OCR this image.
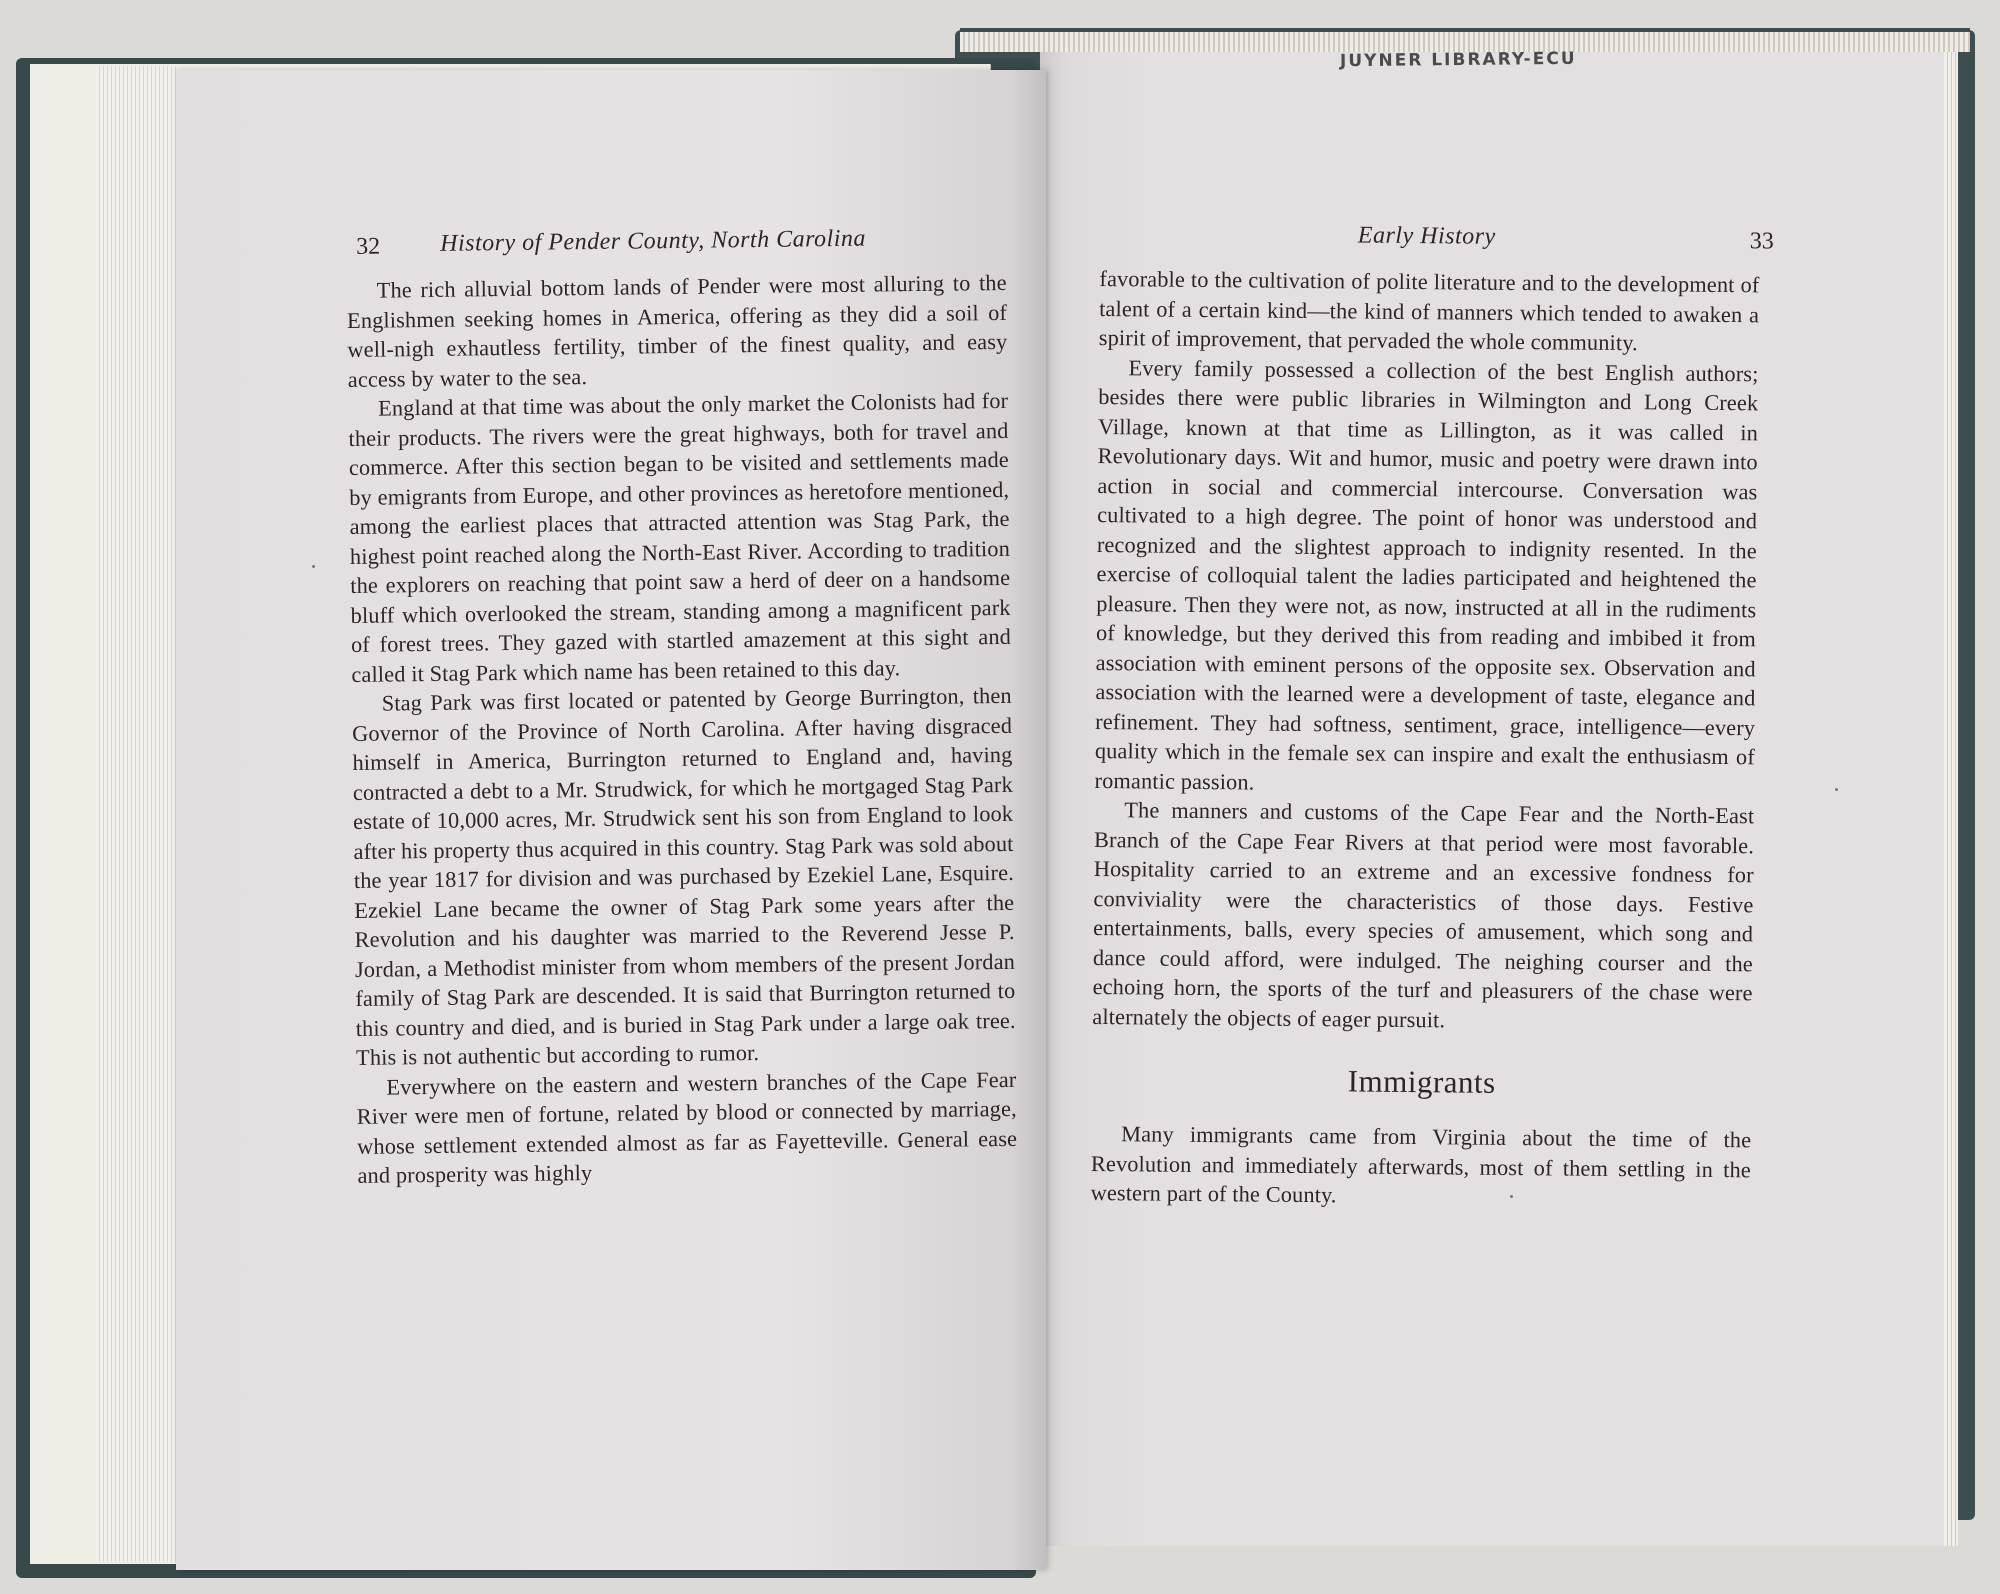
JUYNER LIBRARY-ECU
32 History of Pender County, North Carolina

The rich alluvial bottom lands of Pender were most alluring to the Englishmen seeking homes in America, offering as they did a soil of well-nigh exhautless fertility, timber of the finest quality, and easy access by water to the sea.

England at that time was about the only market the Colonists had for their products. The rivers were the great highways, both for travel and commerce. After this section began to be visited and settlements made by emigrants from Europe, and other provinces as heretofore mentioned, among the earliest places that attracted attention was Stag Park, the highest point reached along the North-East River. According to tradition the explorers on reaching that point saw a herd of deer on a handsome bluff which overlooked the stream, standing among a magnificent park of forest trees. They gazed with startled amazement at this sight and called it Stag Park which name has been retained to this day.

Stag Park was first located or patented by George Burrington, then Governor of the Province of North Carolina. After having disgraced himself in America, Burrington returned to England and, having contracted a debt to a Mr. Strudwick, for which he mortgaged Stag Park estate of 10,000 acres, Mr. Strudwick sent his son from England to look after his property thus acquired in this country. Stag Park was sold about the year 1817 for division and was purchased by Ezekiel Lane, Esquire. Ezekiel Lane became the owner of Stag Park some years after the Revolution and his daughter was married to the Reverend Jesse P. Jordan, a Methodist minister from whom members of the present Jordan family of Stag Park are descended. It is said that Burrington returned to this country and died, and is buried in Stag Park under a large oak tree. This is not authentic but according to rumor.

Everywhere on the eastern and western branches of the Cape Fear River were men of fortune, related by blood or connected by marriage, whose settlement extended almost as far as Fayetteville. General ease and prosperity was highly

Early History	33

favorable to the cultivation of polite literature and to the development of talent of a certain kind—the kind of manners which tended to awaken a spirit of improvement, that pervaded the whole community.

Every family possessed a collection of the best English authors; besides there were public libraries in Wilmington and Long Creek Village, known at that time as Lillington, as it was called in Revolutionary days. Wit and humor, music and poetry were drawn into action in social and commercial intercourse. Conversation was cultivated to a high degree. The point of honor was understood and recognized and the slightest approach to indignity resented. In the exercise of colloquial talent the ladies participated and heightened the pleasure. Then they were not, as now, instructed at all in the rudiments of knowledge, but they derived this from reading and imbibed it from association with eminent persons of the opposite sex. Observation and association with the learned were a development of taste, elegance and refinement. They had softness, sentiment, grace, intelligence—every quality which in the female sex can inspire and exalt the enthusiasm of romantic passion.

The manners and customs of the Cape Fear and the North-East Branch of the Cape Fear Rivers at that period were most favorable. Hospitality carried to an extreme and an excessive fondness for conviviality were the characteristics of those days. Festive entertainments, balls, every species of amusement, which song and dance could afford, were indulged. The neighing courser and the echoing horn, the sports of the turf and pleasurers of the chase were alternately the objects of eager pursuit.

Immigrants

Many immigrants came from Virginia about the time of the Revolution and immediately afterwards, most of them settling in the western part of the County.
